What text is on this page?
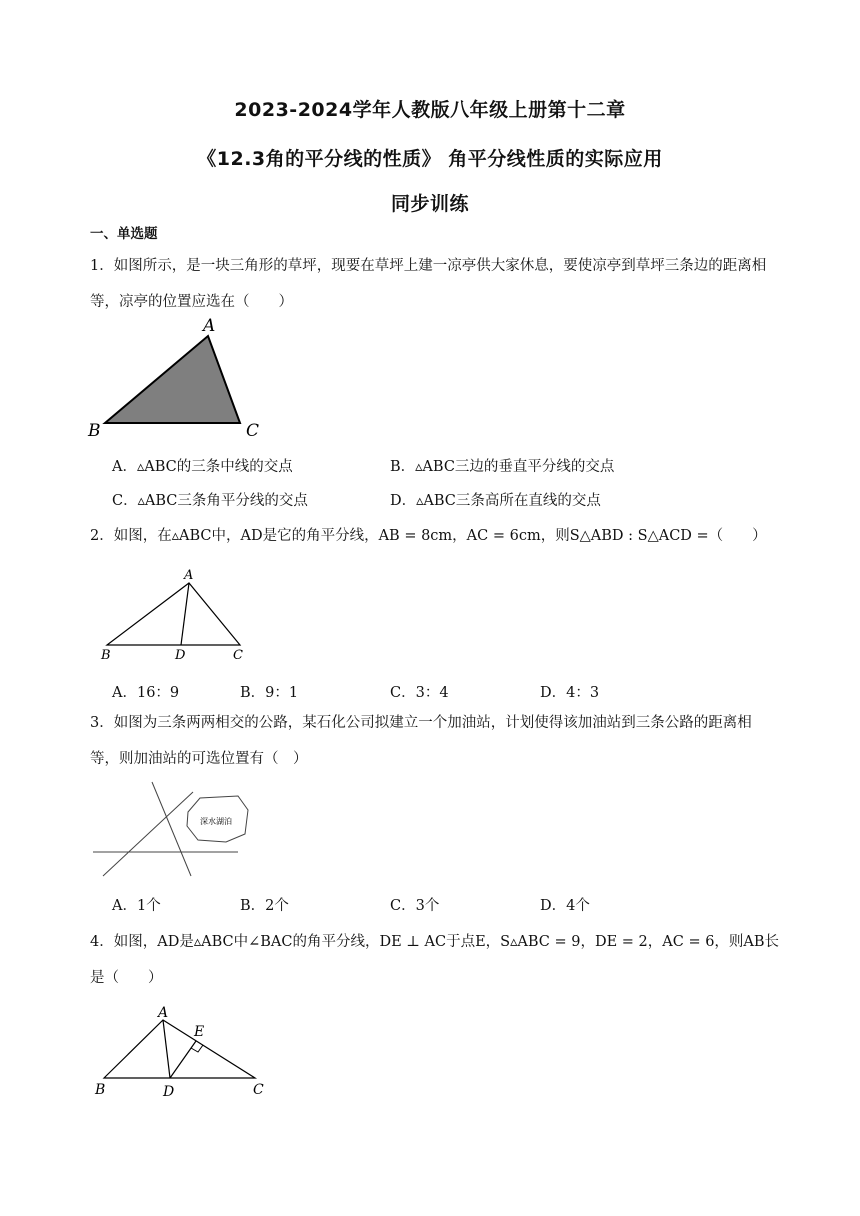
2023-2024学年人教版八年级上册第十二章
《12.3角的平分线的性质》 角平分线性质的实际应用
同步训练
一、单选题
1．如图所示，是一块三角形的草坪，现要在草坪上建一凉亭供大家休息，要使凉亭到草坪三条边的距离相等，凉亭的位置应选在（　　）
A
B	C
A．▵ABC的三条中线的交点	B．▵ABC三边的垂直平分线的交点
C．▵ABC三条角平分线的交点	D．▵ABC三条高所在直线的交点
2．如图，在▵ABC中，AD是它的角平分线，AB = 8cm，AC = 6cm，则S△ABD : S△ACD =（　　）
A
B	D	C
A．16：9	B．9：1	C．3：4	D．4：3
3．如图为三条两两相交的公路，某石化公司拟建立一个加油站，计划使得该加油站到三条公路的距离相等，则加油站的可选位置有（　）
深水湖泊
A．1个	B．2个	C．3个	D．4个
4．如图，AD是▵ABC中∠BAC的角平分线，DE ⊥ AC于点E，S▵ABC = 9，DE = 2，AC = 6，则AB长是（　　）
A
E
B	D	C
